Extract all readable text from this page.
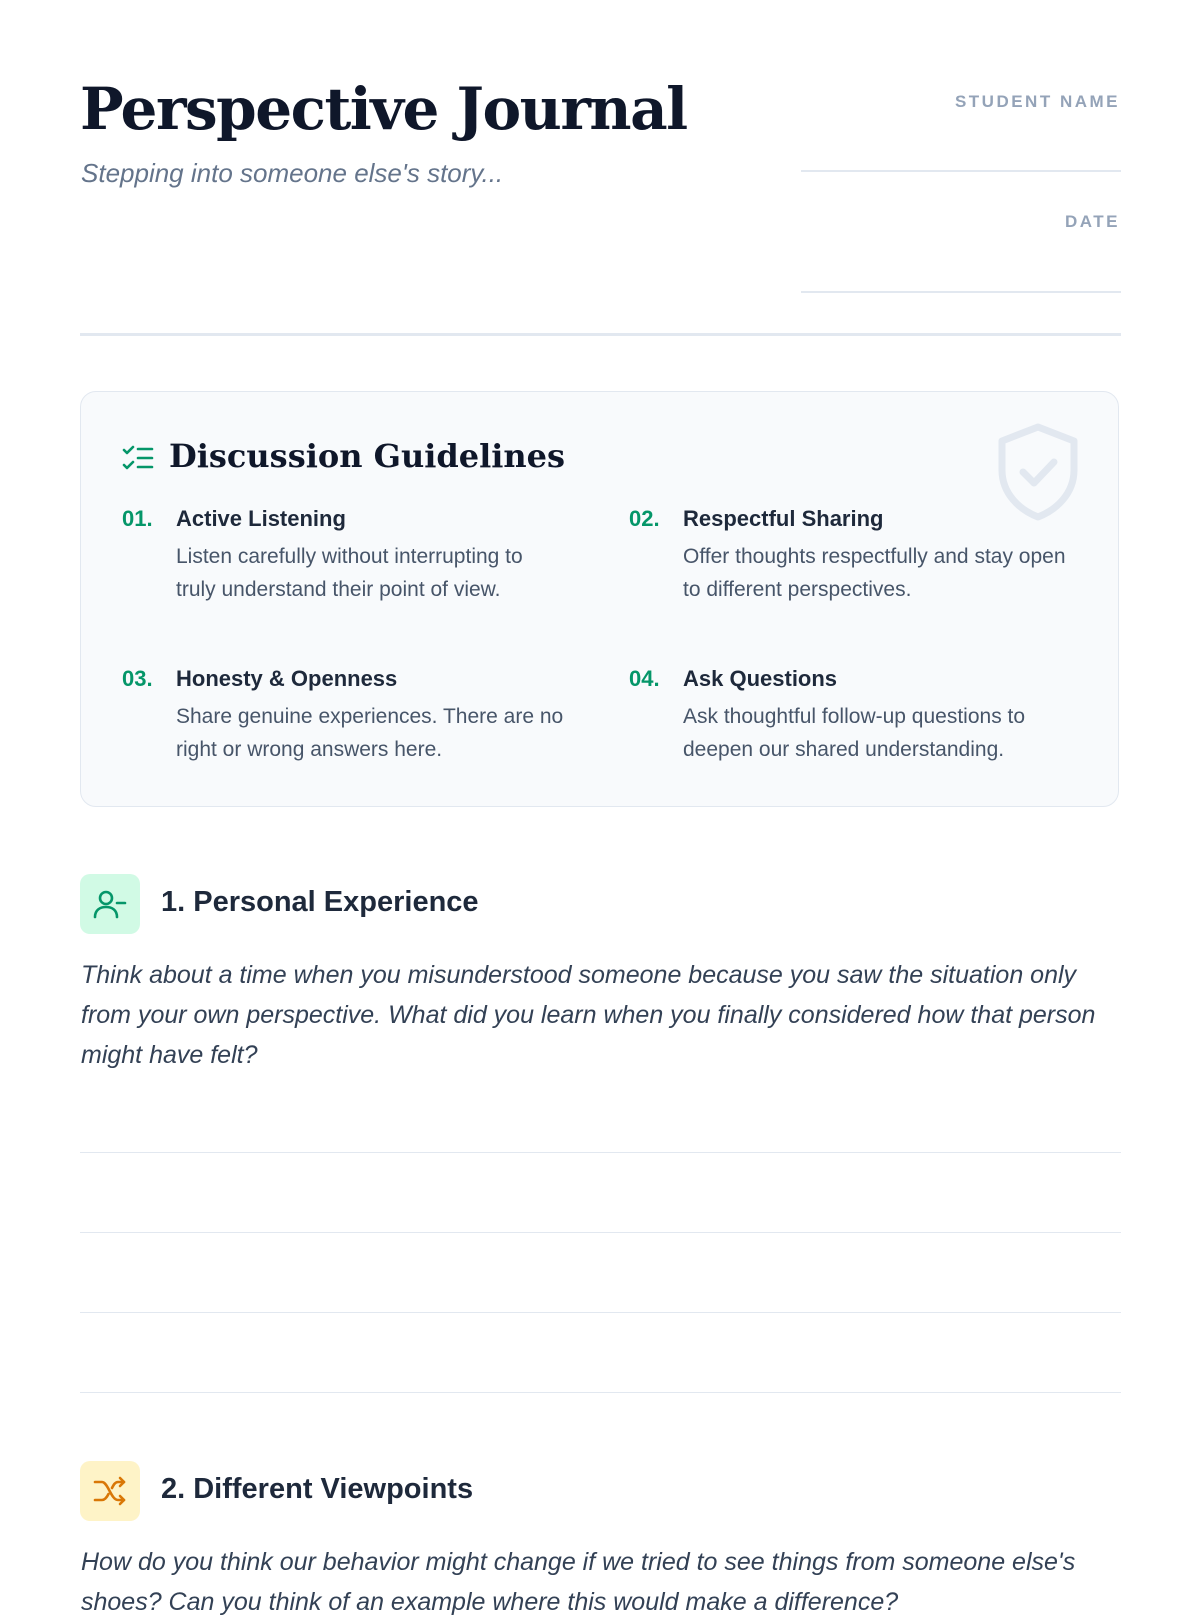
Perspective Journal
Stepping into someone else's story...
STUDENT NAME
DATE
Discussion Guidelines
01. Active Listening
Listen carefully without interrupting to truly understand their point of view.
02. Respectful Sharing
Offer thoughts respectfully and stay open to different perspectives.
03. Honesty & Openness
Share genuine experiences. There are no right or wrong answers here.
04. Ask Questions
Ask thoughtful follow-up questions to deepen our shared understanding.
1. Personal Experience

Think about a time when you misunderstood someone because you saw the situation only from your own perspective. What did you learn when you finally considered how that person might have felt?

2. Different Viewpoints

How do you think our behavior might change if we tried to see things from someone else's shoes? Can you think of an example where this would make a difference?
